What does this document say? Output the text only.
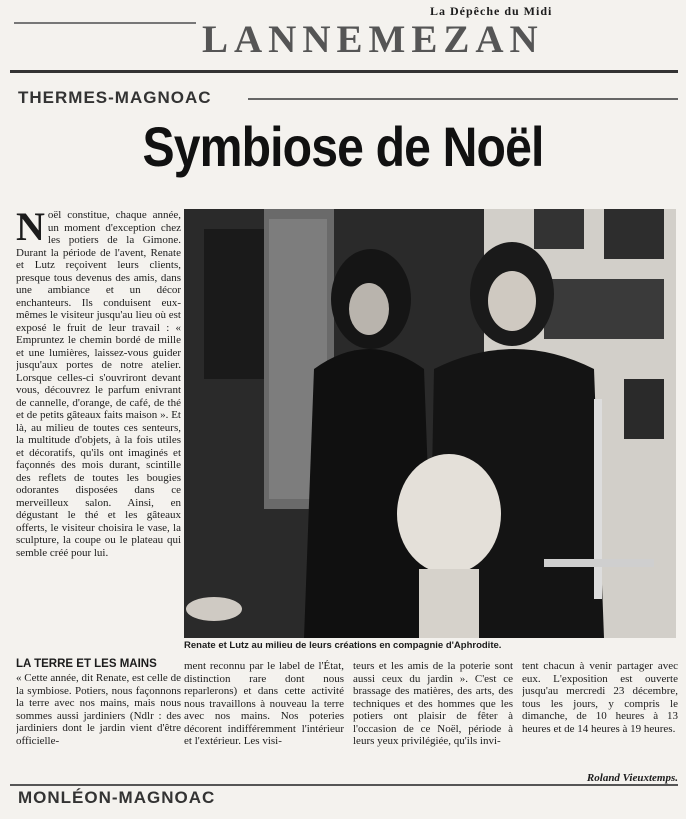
La Dépêche du Midi
LANNEMEZAN
THERMES-MAGNOAC
Symbiose de Noël

Noël constitue, chaque année, un moment d'exception chez les potiers de la Gimone. Durant la période de l'avent, Renate et Lutz reçoivent leurs clients, presque tous devenus des amis, dans une ambiance et un décor enchanteurs. Ils conduisent eux-mêmes le visiteur jusqu'au lieu où est exposé le fruit de leur travail : « Empruntez le chemin bordé de mille et une lumières, laissez-vous guider jusqu'aux portes de notre atelier. Lorsque celles-ci s'ouvriront devant vous, découvrez le parfum enivrant de cannelle, d'orange, de café, de thé et de petits gâteaux faits maison ». Et là, au milieu de toutes ces senteurs, la multitude d'objets, à la fois utiles et décoratifs, qu'ils ont imaginés et façonnés des mois durant, scintille des reflets de toutes les bougies odorantes disposées dans ce merveilleux salon. Ainsi, en dégustant le thé et les gâteaux offerts, le visiteur choisira le vase, la sculpture, la coupe ou le plateau qui semble créé pour lui.

Renate et Lutz au milieu de leurs créations en compagnie d'Aphrodite.
LA TERRE ET LES MAINS

« Cette année, dit Renate, est celle de la symbiose. Potiers, nous façonnons la terre avec nos mains, mais nous sommes aussi jardiniers (Ndlr : des jardiniers dont le jardin vient d'être officielle-

ment reconnu par le label de l'État, distinction rare dont nous reparlerons) et dans cette activité nous travaillons à nouveau la terre avec nos mains. Nos poteries décorent indifféremment l'intérieur et l'extérieur. Les visi-

teurs et les amis de la poterie sont aussi ceux du jardin ». C'est ce brassage des matières, des arts, des techniques et des hommes que les potiers ont plaisir de fêter à l'occasion de ce Noël, période à leurs yeux privilégiée, qu'ils invi-

tent chacun à venir partager avec eux. L'exposition est ouverte jusqu'au mercredi 23 décembre, tous les jours, y compris le dimanche, de 10 heures à 13 heures et de 14 heures à 19 heures.

Roland Vieuxtemps.
MONLÉON-MAGNOAC
